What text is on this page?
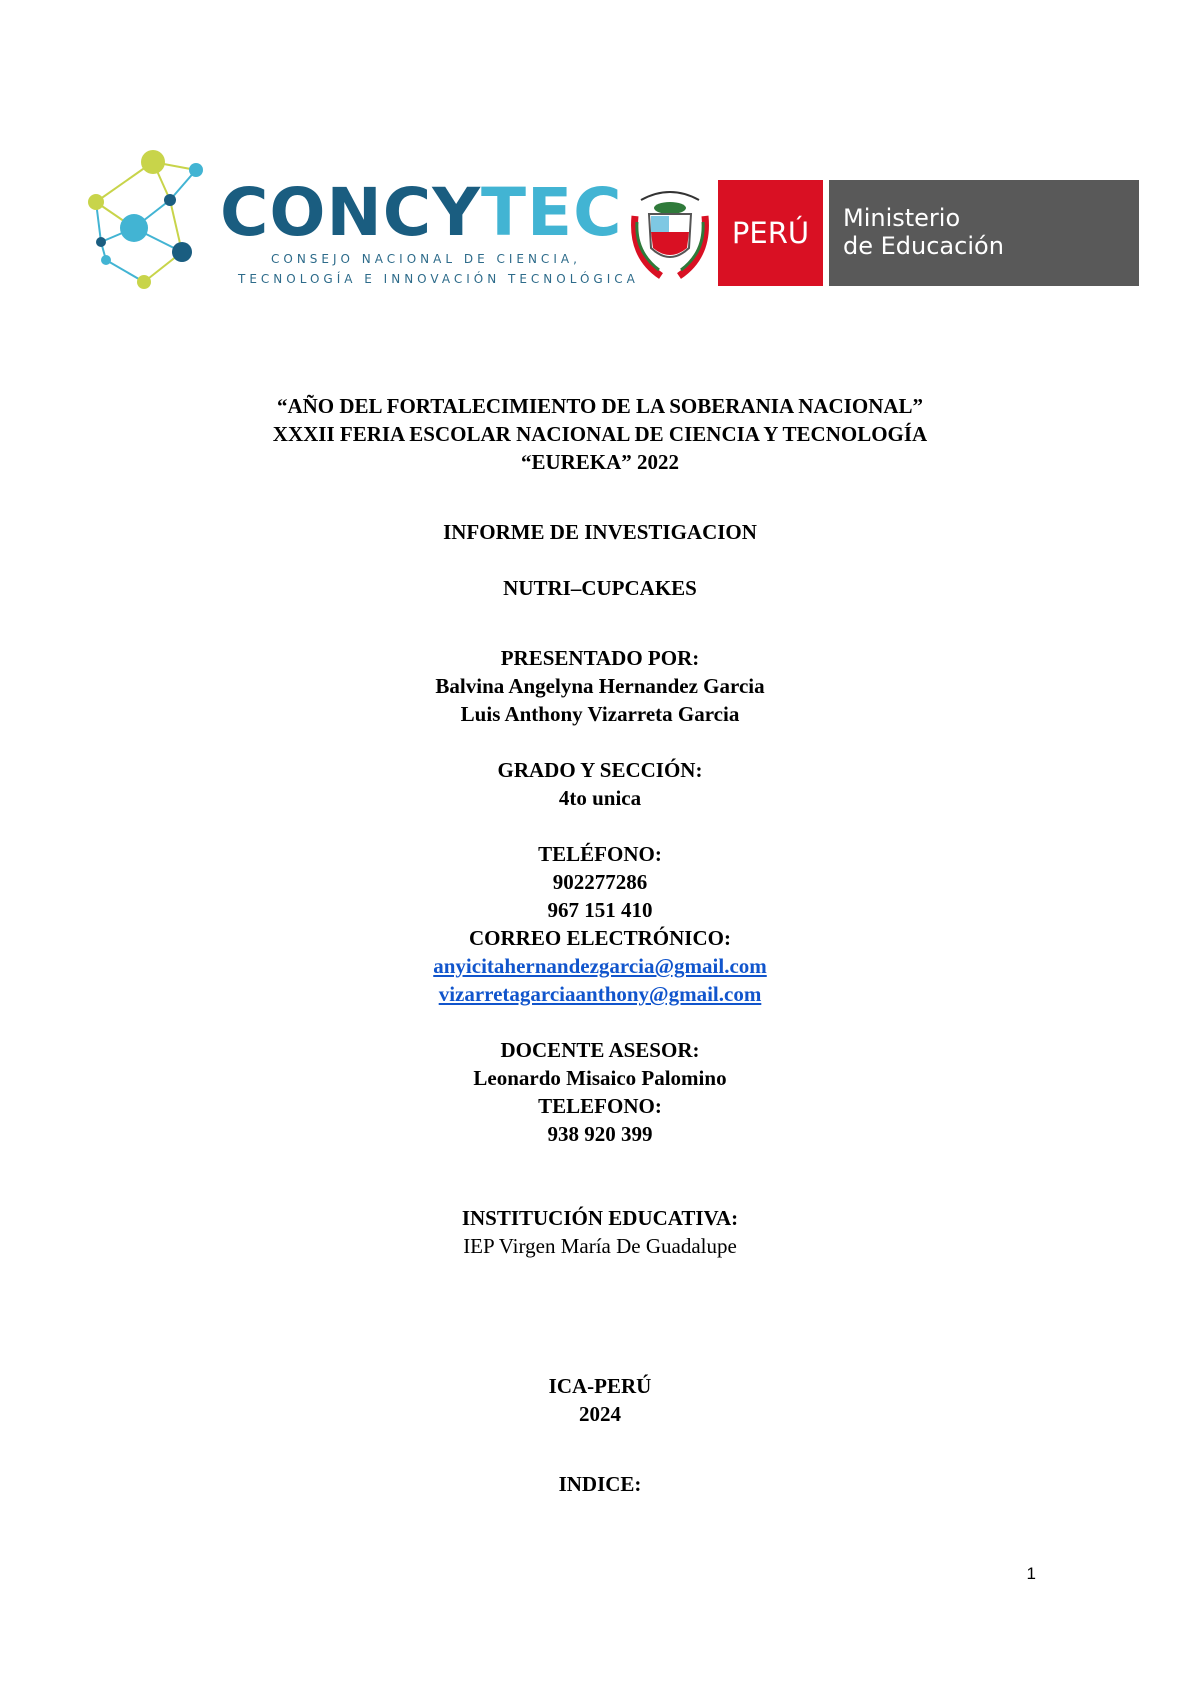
CONCYTEC
CONSEJO NACIONAL DE CIENCIA,
TECNOLOGÍA E INNOVACIÓN TECNOLÓGICA
PERÚ	Ministerio
de Educación
“AÑO DEL FORTALECIMIENTO DE LA SOBERANIA NACIONAL”
XXXII FERIA ESCOLAR NACIONAL DE CIENCIA Y TECNOLOGÍA
“EUREKA” 2022
INFORME DE INVESTIGACION
NUTRI–CUPCAKES
PRESENTADO POR:
Balvina Angelyna Hernandez Garcia
Luis Anthony Vizarreta Garcia
GRADO Y SECCIÓN:
4to unica
TELÉFONO:
902277286
967 151 410
CORREO ELECTRÓNICO:
anyicitahernandezgarcia@gmail.com
vizarretagarciaanthony@gmail.com
DOCENTE ASESOR:
Leonardo Misaico Palomino
TELEFONO:
938 920 399
INSTITUCIÓN EDUCATIVA:
IEP Virgen María De Guadalupe
ICA-PERÚ
2024
INDICE:
1
